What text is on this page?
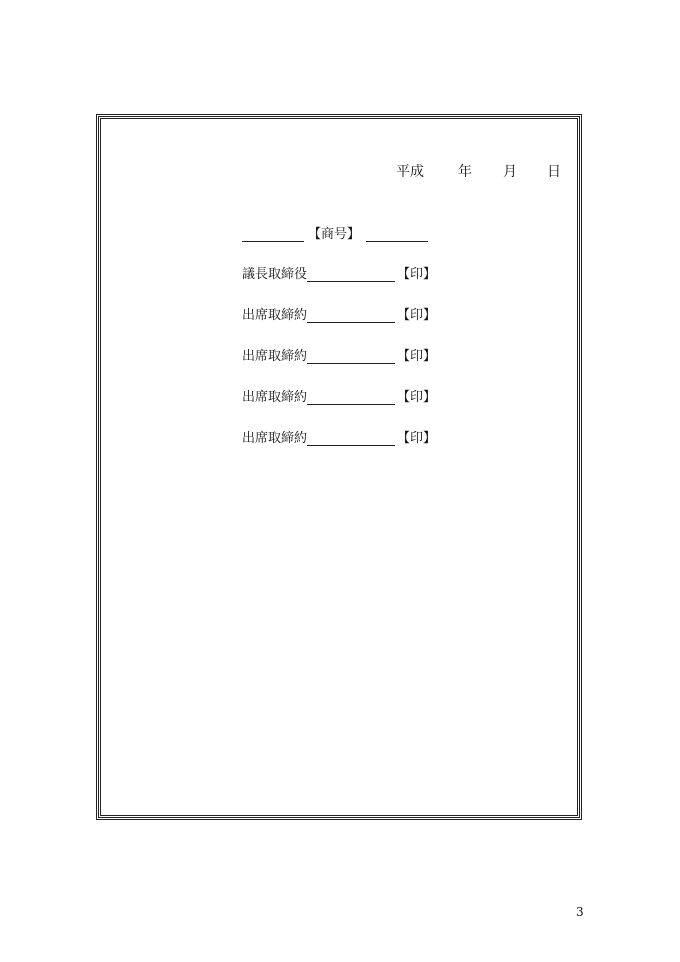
平成 年 月 日
【商号】
議長取締役	【印】
出席取締約	【印】
出席取締約	【印】
出席取締約	【印】
出席取締約	【印】
3
